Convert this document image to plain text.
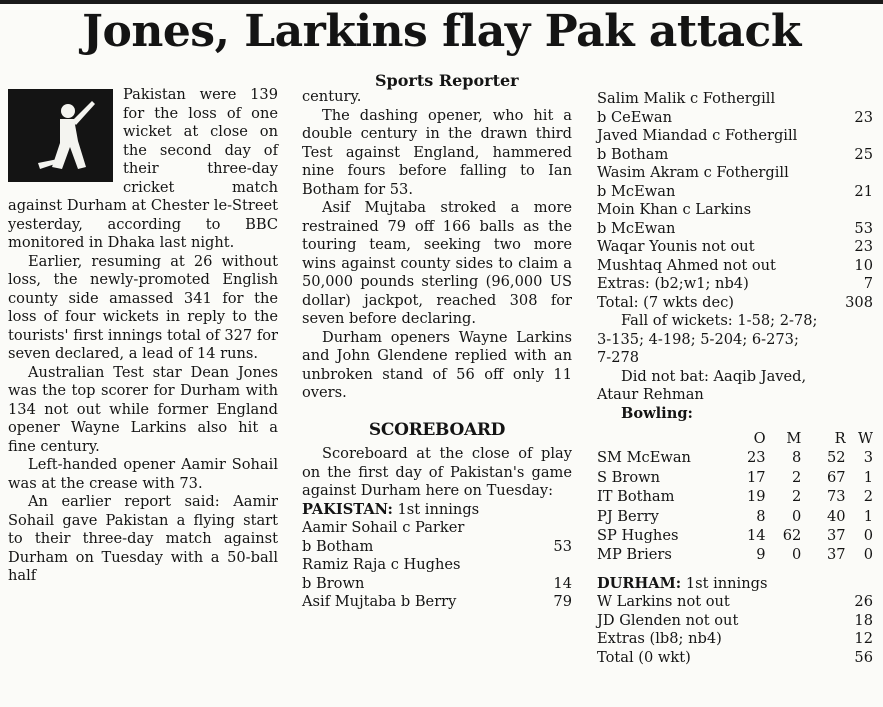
Jones, Larkins flay Pak attack
Sports Reporter

Pakistan were 139 for the loss of one wicket at close on the second day of their three-day cricket match against Durham at Chester le-Street yesterday, according to BBC monitored in Dhaka last night.

Earlier, resuming at 26 without loss, the newly-promoted English county side amassed 341 for the loss of four wickets in reply to the tourists' first innings total of 327 for seven declared, a lead of 14 runs.

Australian Test star Dean Jones was the top scorer for Durham with 134 not out while former England opener Wayne Larkins also hit a fine century.

Left-handed opener Aamir Sohail was at the crease with 73.

An earlier report said: Aamir Sohail gave Pakistan a flying start to their three-day match against Durham on Tuesday with a 50-ball half

century.

The dashing opener, who hit a double century in the drawn third Test against England, hammered nine fours before falling to Ian Botham for 53.

Asif Mujtaba stroked a more restrained 79 off 166 balls as the touring team, seeking two more wins against county sides to claim a 50,000 pounds sterling (96,000 US dollar) jackpot, reached 308 for seven before declaring.

Durham openers Wayne Larkins and John Glendene replied with an unbroken stand of 56 off only 11 overs.

SCOREBOARD

Scoreboard at the close of play on the first day of Pakistan's game against Durham here on Tuesday:

PAKISTAN: 1st innings
Aamir Sohail c Parker
b Botham	53
Ramiz Raja c Hughes
b Brown	14
Asif Mujtaba b Berry	79
Salim Malik c Fothergill
b CeEwan	23
Javed Miandad c Fothergill
b Botham	25
Wasim Akram c Fothergill
b McEwan	21
Moin Khan c Larkins
b McEwan	53
Waqar Younis not out	23
Mushtaq Ahmed not out	10
Extras: (b2;w1; nb4)	7
Total: (7 wkts dec)	308
Fall of wickets: 1-58; 2-78;
3-135; 4-198; 5-204; 6-273;
7-278
Did not bat: Aaqib Javed,
Ataur Rehman
Bowling:
	O	M	R	W
SM McEwan	23	8	52	3
S Brown	17	2	67	1
IT Botham	19	2	73	2
PJ Berry	8	0	40	1
SP Hughes	14	62	37	0
MP Briers	9	0	37	0
DURHAM: 1st innings
W Larkins not out	26
JD Glenden not out	18
Extras (lb8; nb4)	12
Total (0 wkt)	56
